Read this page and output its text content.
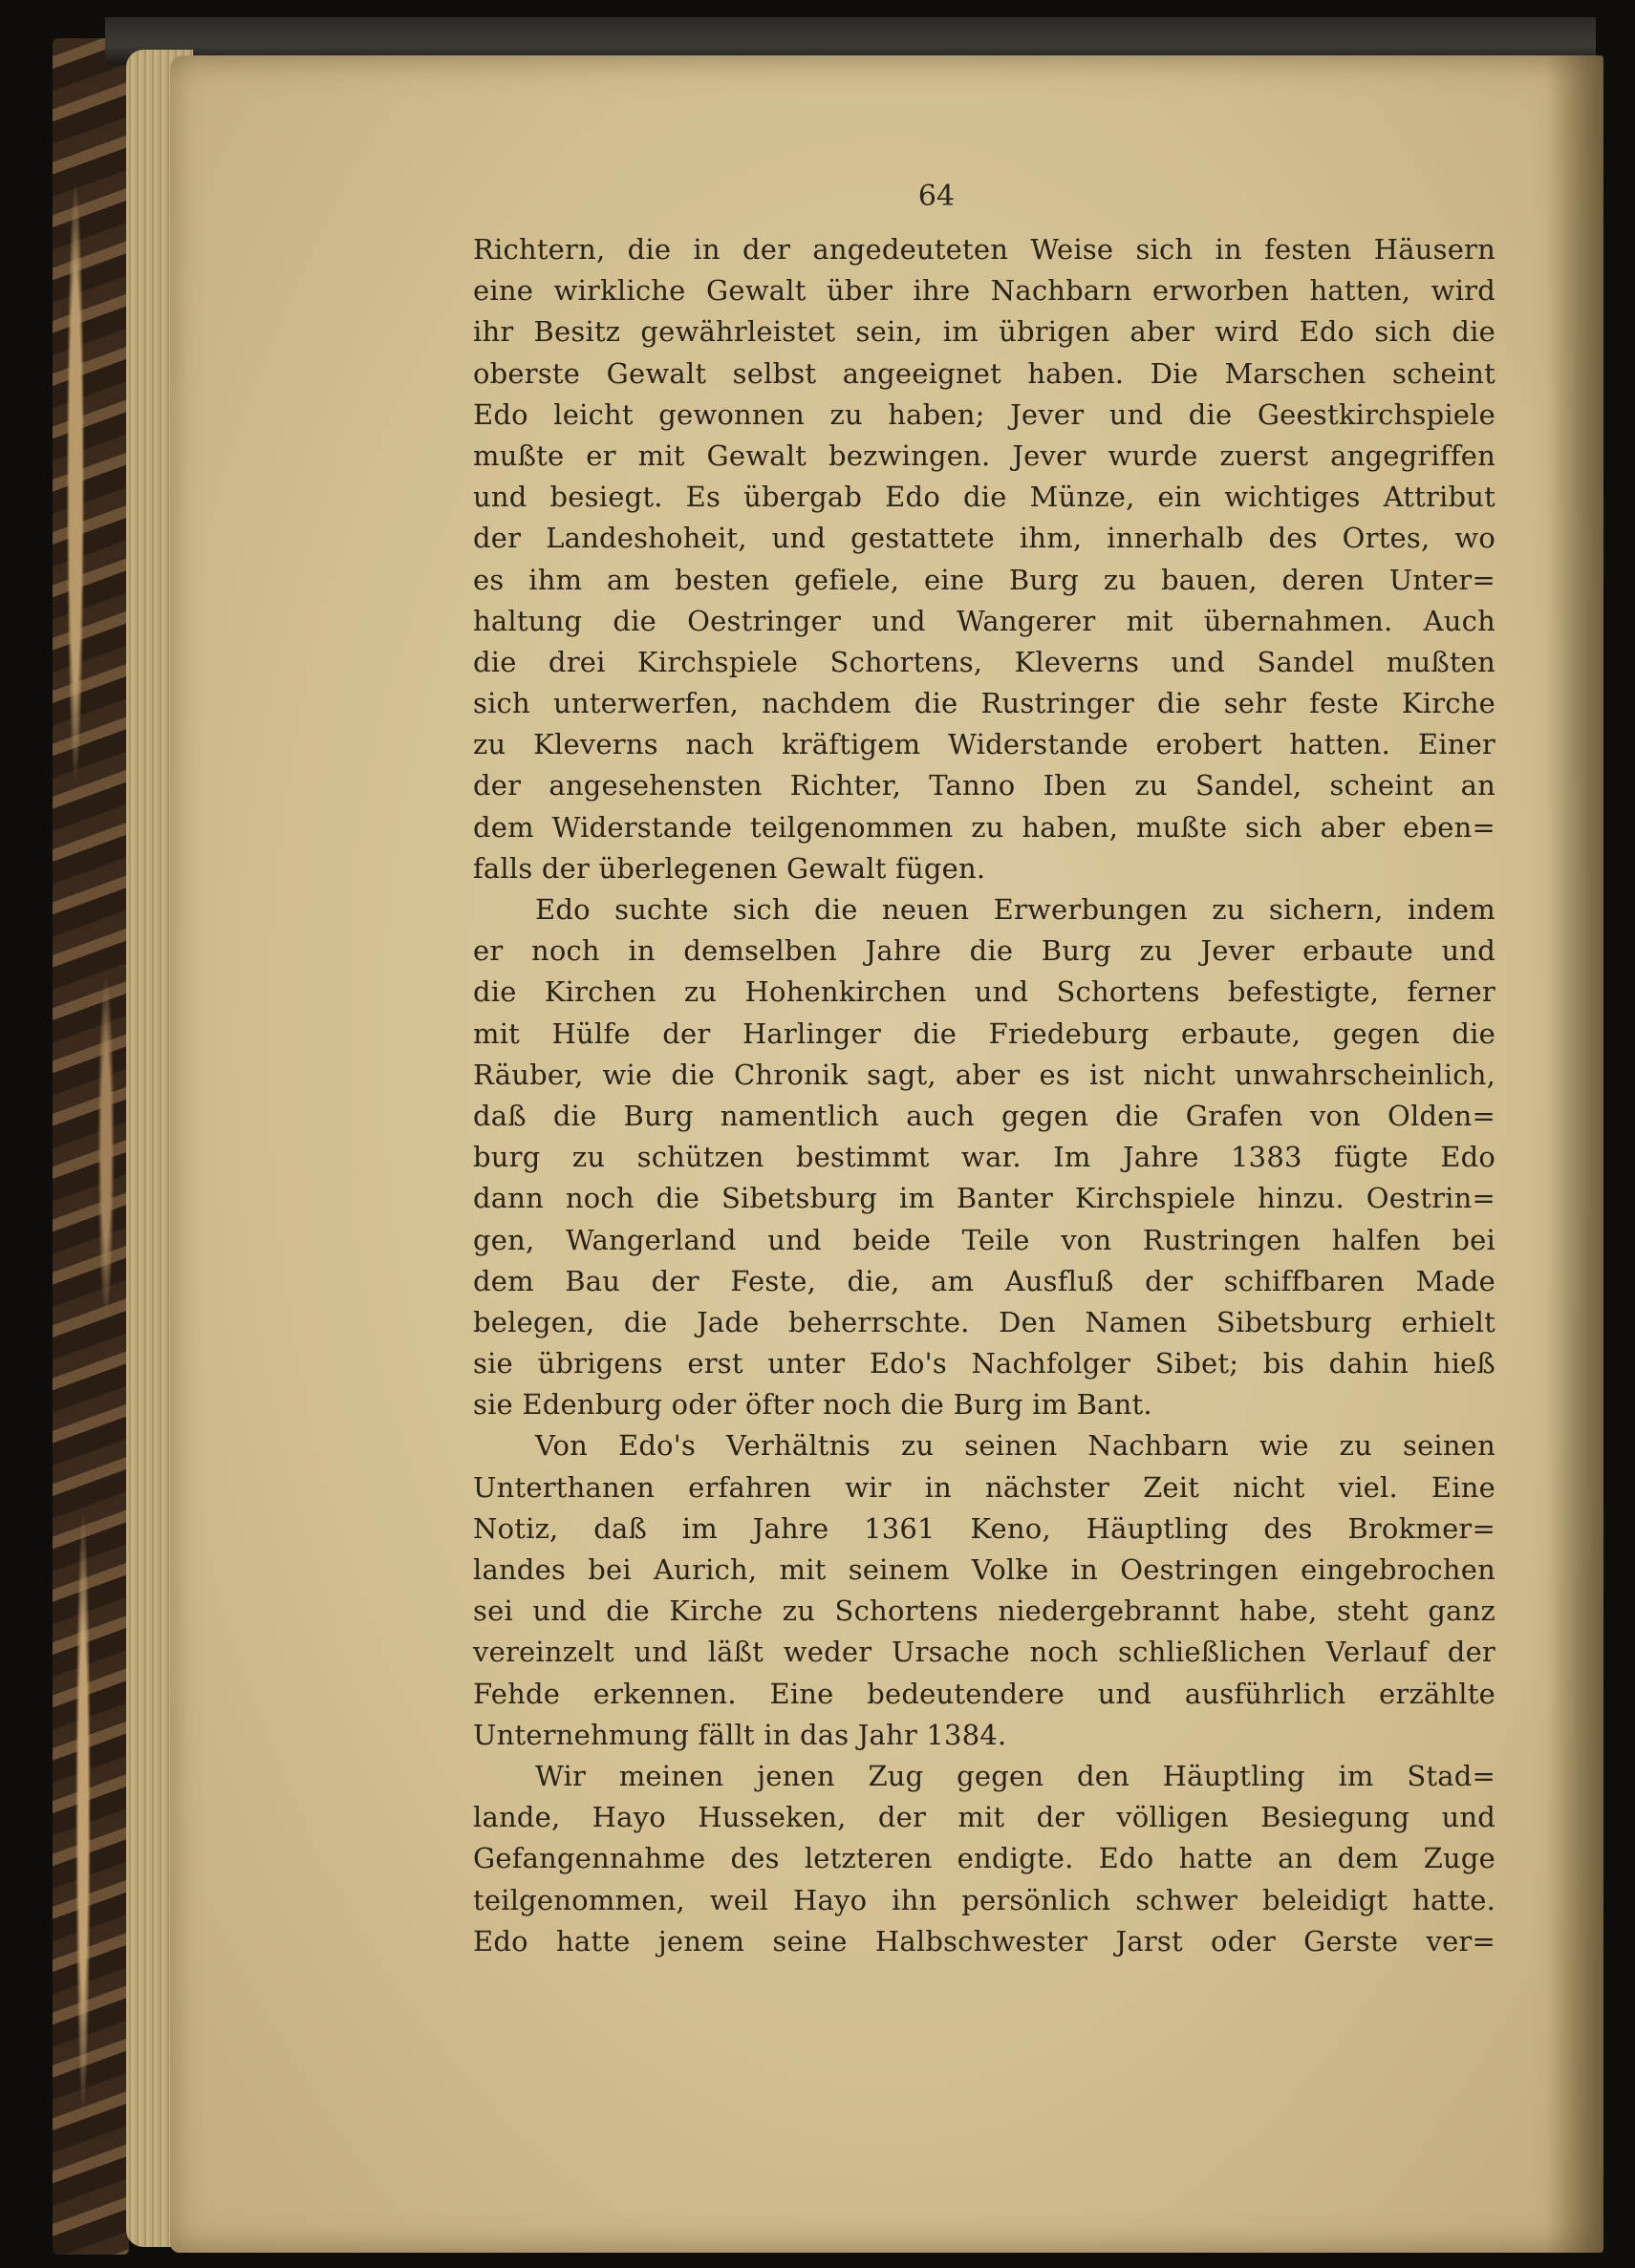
64
Richtern, die in der angedeuteten Weise sich in festen Häusern
eine wirkliche Gewalt über ihre Nachbarn erworben hatten, wird
ihr Besitz gewährleistet sein, im übrigen aber wird Edo sich die
oberste Gewalt selbst angeeignet haben. Die Marschen scheint
Edo leicht gewonnen zu haben; Jever und die Geestkirchspiele
mußte er mit Gewalt bezwingen. Jever wurde zuerst angegriffen
und besiegt. Es übergab Edo die Münze, ein wichtiges Attribut
der Landeshoheit, und gestattete ihm, innerhalb des Ortes, wo
es ihm am besten gefiele, eine Burg zu bauen, deren Unter=
haltung die Oestringer und Wangerer mit übernahmen. Auch
die drei Kirchspiele Schortens, Kleverns und Sandel mußten
sich unterwerfen, nachdem die Rustringer die sehr feste Kirche
zu Kleverns nach kräftigem Widerstande erobert hatten. Einer
der angesehensten Richter, Tanno Iben zu Sandel, scheint an
dem Widerstande teilgenommen zu haben, mußte sich aber eben=
falls der überlegenen Gewalt fügen.
Edo suchte sich die neuen Erwerbungen zu sichern, indem
er noch in demselben Jahre die Burg zu Jever erbaute und
die Kirchen zu Hohenkirchen und Schortens befestigte, ferner
mit Hülfe der Harlinger die Friedeburg erbaute, gegen die
Räuber, wie die Chronik sagt, aber es ist nicht unwahrscheinlich,
daß die Burg namentlich auch gegen die Grafen von Olden=
burg zu schützen bestimmt war. Im Jahre 1383 fügte Edo
dann noch die Sibetsburg im Banter Kirchspiele hinzu. Oestrin=
gen, Wangerland und beide Teile von Rustringen halfen bei
dem Bau der Feste, die, am Ausfluß der schiffbaren Made
belegen, die Jade beherrschte. Den Namen Sibetsburg erhielt
sie übrigens erst unter Edo's Nachfolger Sibet; bis dahin hieß
sie Edenburg oder öfter noch die Burg im Bant.
Von Edo's Verhältnis zu seinen Nachbarn wie zu seinen
Unterthanen erfahren wir in nächster Zeit nicht viel. Eine
Notiz, daß im Jahre 1361 Keno, Häuptling des Brokmer=
landes bei Aurich, mit seinem Volke in Oestringen eingebrochen
sei und die Kirche zu Schortens niedergebrannt habe, steht ganz
vereinzelt und läßt weder Ursache noch schließlichen Verlauf der
Fehde erkennen. Eine bedeutendere und ausführlich erzählte
Unternehmung fällt in das Jahr 1384.
Wir meinen jenen Zug gegen den Häuptling im Stad=
lande, Hayo Husseken, der mit der völligen Besiegung und
Gefangennahme des letzteren endigte. Edo hatte an dem Zuge
teilgenommen, weil Hayo ihn persönlich schwer beleidigt hatte.
Edo hatte jenem seine Halbschwester Jarst oder Gerste ver=
